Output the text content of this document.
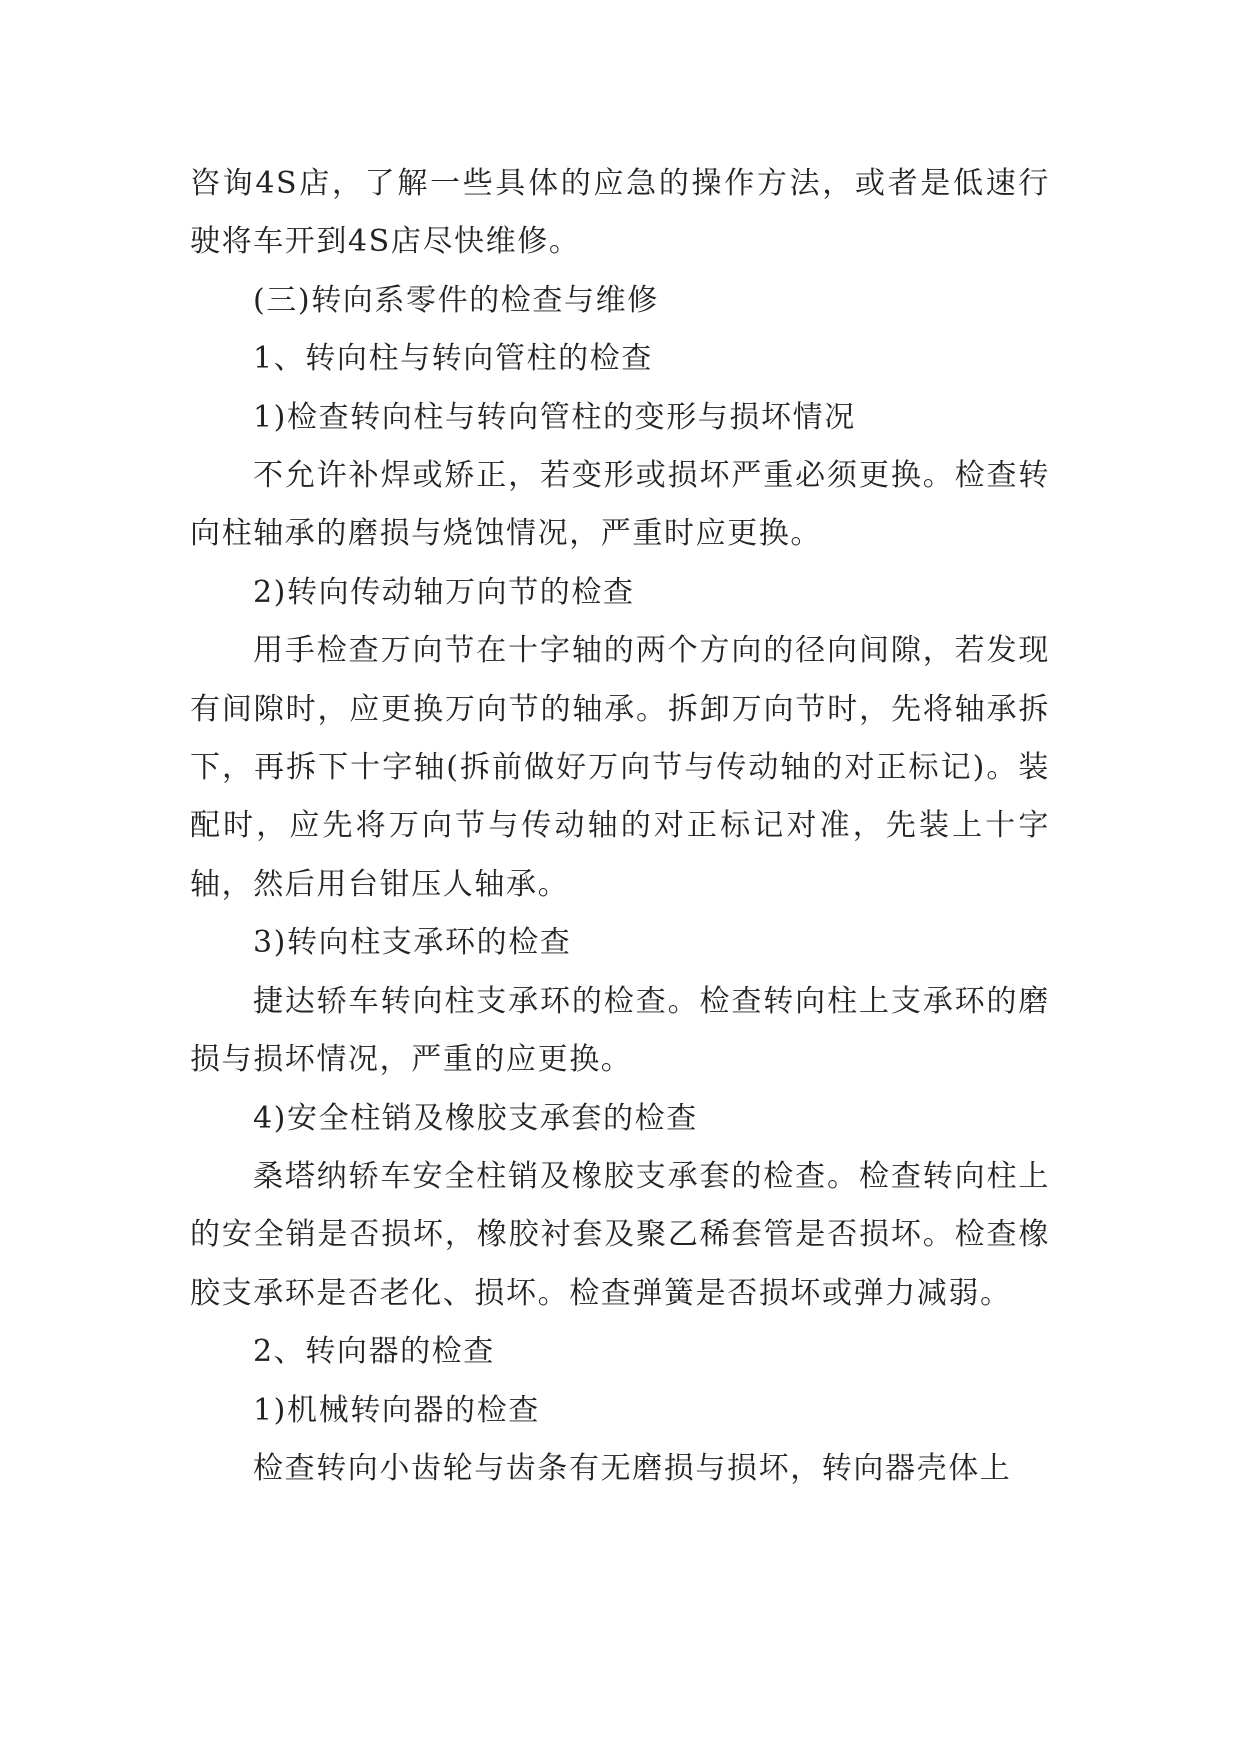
咨询4S店，了解一些具体的应急的操作方法，或者是低速行驶将车开到4S店尽快维修。

(三)转向系零件的检查与维修

1、转向柱与转向管柱的检查

1)检查转向柱与转向管柱的变形与损坏情况

不允许补焊或矫正，若变形或损坏严重必须更换。检查转向柱轴承的磨损与烧蚀情况，严重时应更换。

2)转向传动轴万向节的检查

用手检查万向节在十字轴的两个方向的径向间隙，若发现有间隙时，应更换万向节的轴承。拆卸万向节时，先将轴承拆下，再拆下十字轴(拆前做好万向节与传动轴的对正标记)。装配时，应先将万向节与传动轴的对正标记对准，先装上十字轴，然后用台钳压人轴承。

3)转向柱支承环的检查

捷达轿车转向柱支承环的检查。检查转向柱上支承环的磨损与损坏情况，严重的应更换。

4)安全柱销及橡胶支承套的检查

桑塔纳轿车安全柱销及橡胶支承套的检查。检查转向柱上的安全销是否损坏，橡胶衬套及聚乙稀套管是否损坏。检查橡胶支承环是否老化、损坏。检查弹簧是否损坏或弹力减弱。

2、转向器的检查

1)机械转向器的检查

检查转向小齿轮与齿条有无磨损与损坏，转向器壳体上
